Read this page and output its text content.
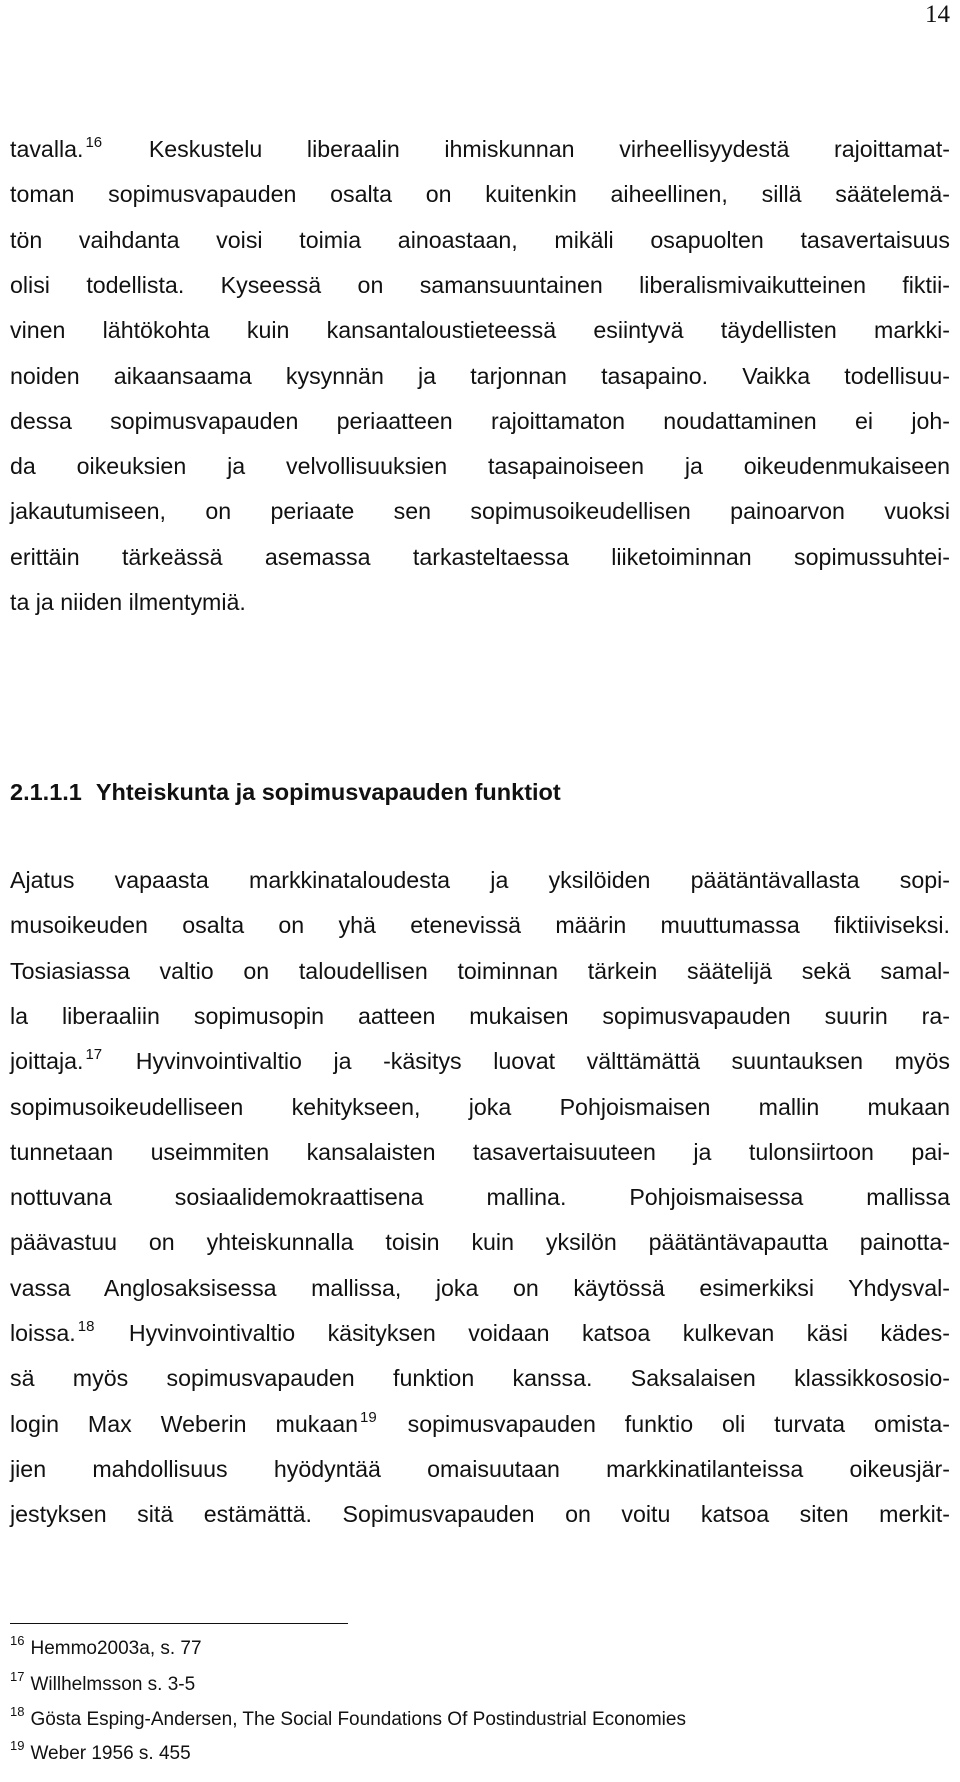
14
tavalla. $^{16}$ Keskustelu liberaalin ihmiskunnan virheellisyydestä rajoittamat-
toman sopimusvapauden osalta on kuitenkin aiheellinen, sillä säätelemä-
tön vaihdanta voisi toimia ainoastaan, mikäli osapuolten tasavertaisuus
olisi todellista. Kyseessä on samansuuntainen liberalismivaikutteinen fiktii-
vinen lähtökohta kuin kansantaloustieteessä esiintyvä täydellisten markki-
noiden aikaansaama kysynnän ja tarjonnan tasapaino. Vaikka todellisuu-
dessa sopimusvapauden periaatteen rajoittamaton noudattaminen ei joh-
da oikeuksien ja velvollisuuksien tasapainoiseen ja oikeudenmukaiseen
jakautumiseen, on periaate sen sopimusoikeudellisen painoarvon vuoksi
erittäin tärkeässä asemassa tarkasteltaessa liiketoiminnan sopimussuhtei-
ta ja niiden ilmentymiä.
2.1.1.1 Yhteiskunta ja sopimusvapauden funktiot
Ajatus vapaasta markkinataloudesta ja yksilöiden päätäntävallasta sopi-
musoikeuden osalta on yhä etenevissä määrin muuttumassa fiktiiviseksi.
Tosiasiassa valtio on taloudellisen toiminnan tärkein säätelijä sekä samal-
la liberaaliin sopimusopin aatteen mukaisen sopimusvapauden suurin ra-
joittaja. $^{17}$ Hyvinvointivaltio ja -käsitys luovat välttämättä suuntauksen myös
sopimusoikeudelliseen kehitykseen, joka Pohjoismaisen mallin mukaan
tunnetaan useimmiten kansalaisten tasavertaisuuteen ja tulonsiirtoon pai-
nottuvana sosiaalidemokraattisena mallina. Pohjoismaisessa mallissa
päävastuu on yhteiskunnalla toisin kuin yksilön päätäntävapautta painotta-
vassa Anglosaksisessa mallissa, joka on käytössä esimerkiksi Yhdysval-
loissa. $^{18}$ Hyvinvointivaltio käsityksen voidaan katsoa kulkevan käsi kädes-
sä myös sopimusvapauden funktion kanssa. Saksalaisen klassikkososio-
login Max Weberin mukaan $^{19}$ sopimusvapauden funktio oli turvata omista-
jien mahdollisuus hyödyntää omaisuutaan markkinatilanteissa oikeusjär-
jestyksen sitä estämättä. Sopimusvapauden on voitu katsoa siten merkit-
$^{16}$ Hemmo2003a, s. 77
$^{17}$ Willhelmsson s. 3-5
$^{18}$ Gösta Esping-Andersen, The Social Foundations Of Postindustrial Economies
$^{19}$ Weber 1956 s. 455
